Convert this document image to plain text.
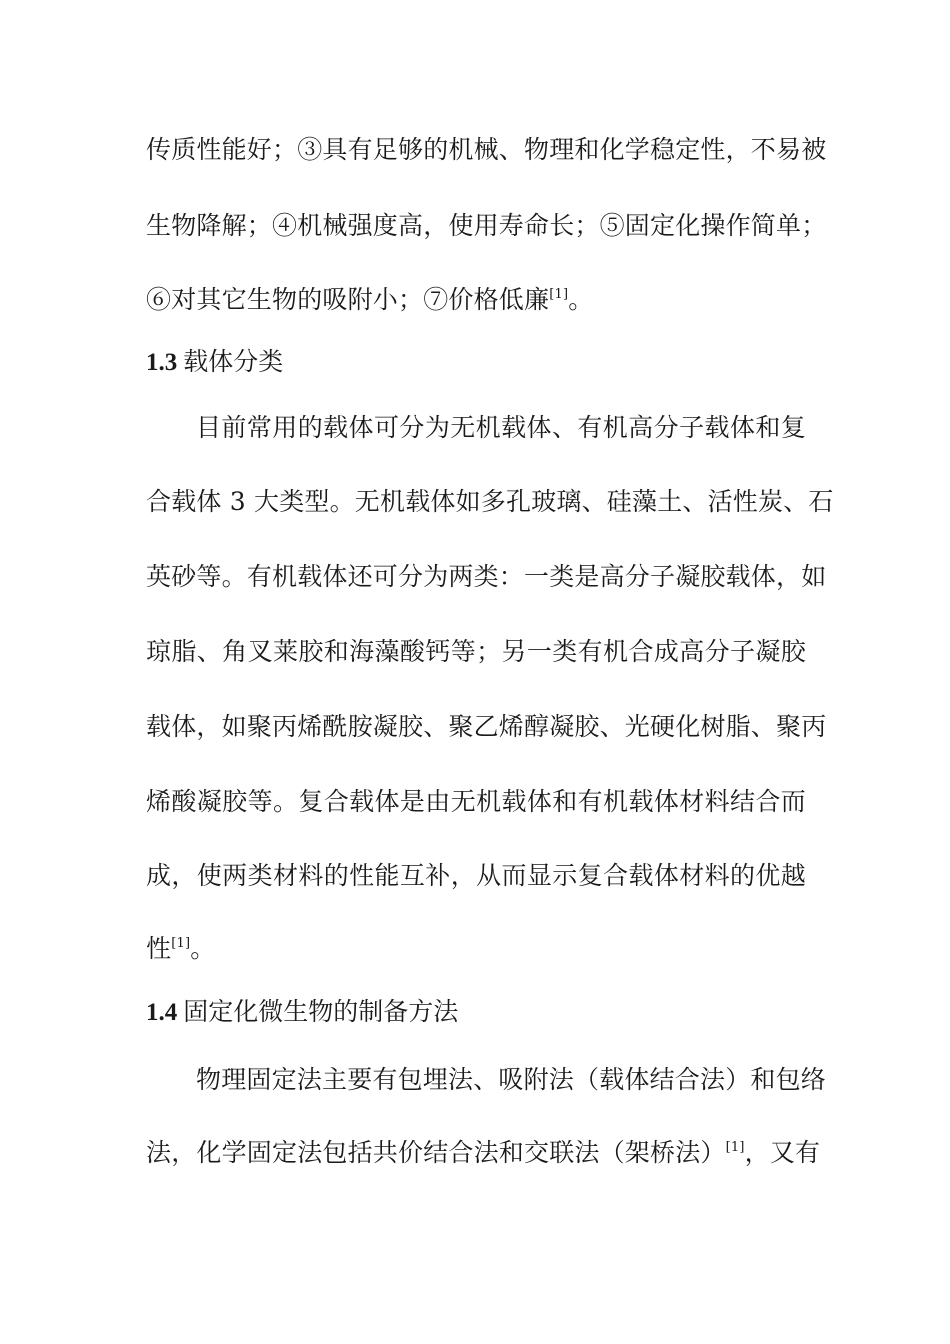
传质性能好；③具有足够的机械、物理和化学稳定性，不易被
生物降解；④机械强度高，使用寿命长；⑤固定化操作简单；
⑥对其它生物的吸附小；⑦价格低廉[1]。
1.3 载体分类
目前常用的载体可分为无机载体、有机高分子载体和复
合载体 3 大类型。无机载体如多孔玻璃、硅藻土、活性炭、石
英砂等。有机载体还可分为两类：一类是高分子凝胶载体，如
琼脂、角叉莱胶和海藻酸钙等；另一类有机合成高分子凝胶
载体，如聚丙烯酰胺凝胶、聚乙烯醇凝胶、光硬化树脂、聚丙
烯酸凝胶等。复合载体是由无机载体和有机载体材料结合而
成，使两类材料的性能互补，从而显示复合载体材料的优越
性[1]。
1.4 固定化微生物的制备方法
物理固定法主要有包埋法、吸附法（载体结合法）和包络
法，化学固定法包括共价结合法和交联法（架桥法）[1]，又有
